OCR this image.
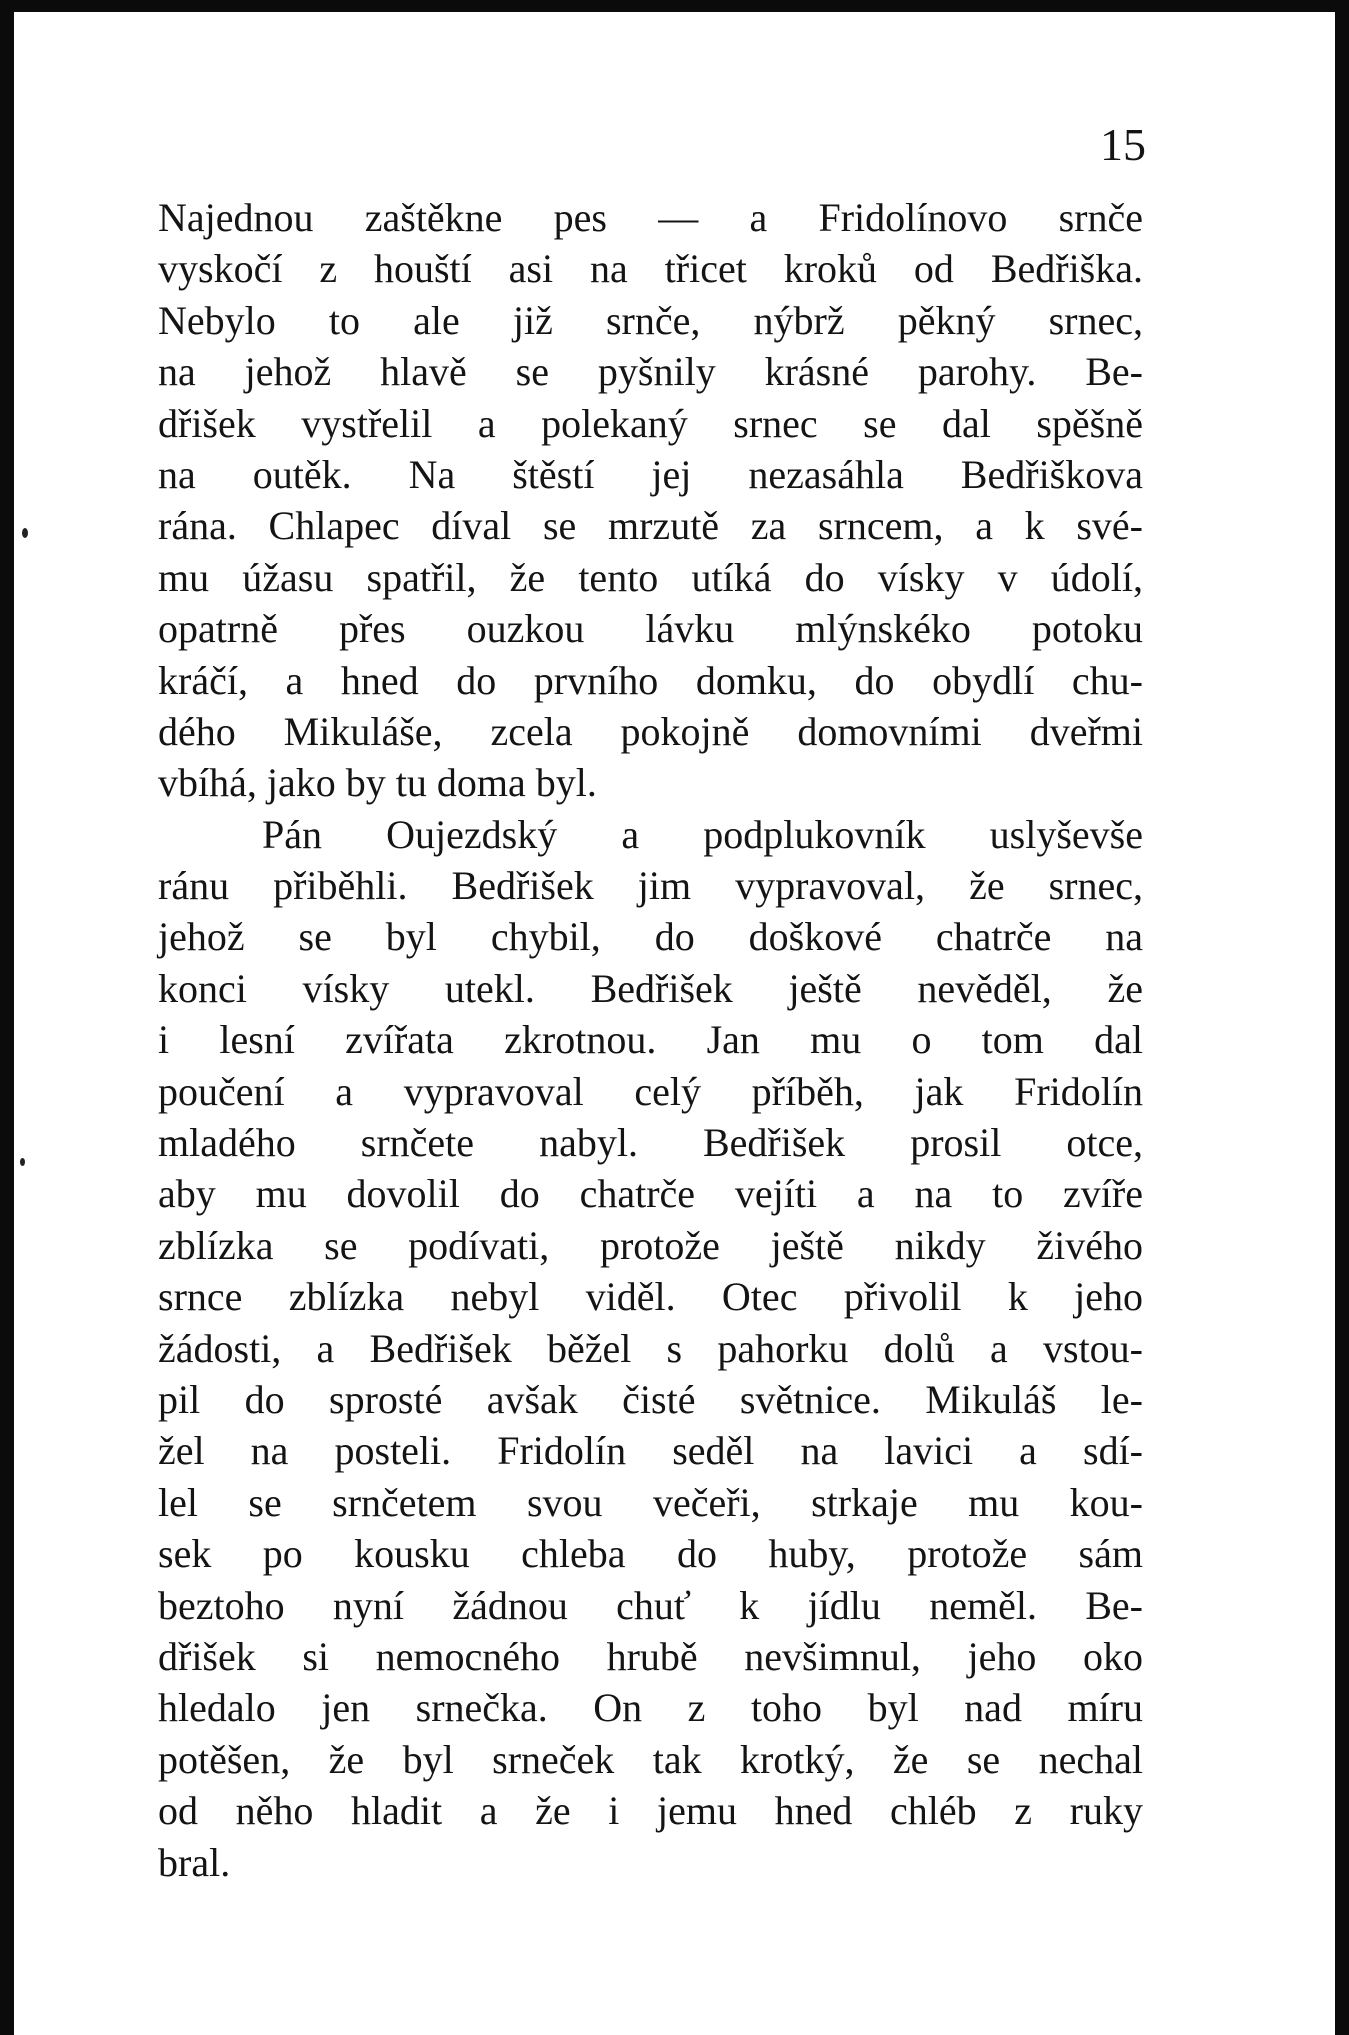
15
Najednou zaštěkne pes — a Fridolínovo srnče
vyskočí z houští asi na třicet kroků od Bedřiška.
Nebylo to ale již srnče, nýbrž pěkný srnec,
na jehož hlavě se pyšnily krásné parohy. Be-
dřišek vystřelil a polekaný srnec se dal spěšně
na outěk. Na štěstí jej nezasáhla Bedřiškova
rána. Chlapec díval se mrzutě za srncem, a k své-
mu úžasu spatřil, že tento utíká do vísky v údolí,
opatrně přes ouzkou lávku mlýnskéko potoku
kráčí, a hned do prvního domku, do obydlí chu-
dého Mikuláše, zcela pokojně domovními dveřmi
vbíhá, jako by tu doma byl.
Pán Oujezdský a podplukovník uslyševše
ránu přiběhli. Bedřišek jim vypravoval, že srnec,
jehož se byl chybil, do doškové chatrče na
konci vísky utekl. Bedřišek ještě nevěděl, že
i lesní zvířata zkrotnou. Jan mu o tom dal
poučení a vypravoval celý příběh, jak Fridolín
mladého srnčete nabyl. Bedřišek prosil otce,
aby mu dovolil do chatrče vejíti a na to zvíře
zblízka se podívati, protože ještě nikdy živého
srnce zblízka nebyl viděl. Otec přivolil k jeho
žádosti, a Bedřišek běžel s pahorku dolů a vstou-
pil do sprosté avšak čisté světnice. Mikuláš le-
žel na posteli. Fridolín seděl na lavici a sdí-
lel se srnčetem svou večeři, strkaje mu kou-
sek po kousku chleba do huby, protože sám
beztoho nyní žádnou chuť k jídlu neměl. Be-
dřišek si nemocného hrubě nevšimnul, jeho oko
hledalo jen srnečka. On z toho byl nad míru
potěšen, že byl srneček tak krotký, že se nechal
od něho hladit a že i jemu hned chléb z ruky
bral.
